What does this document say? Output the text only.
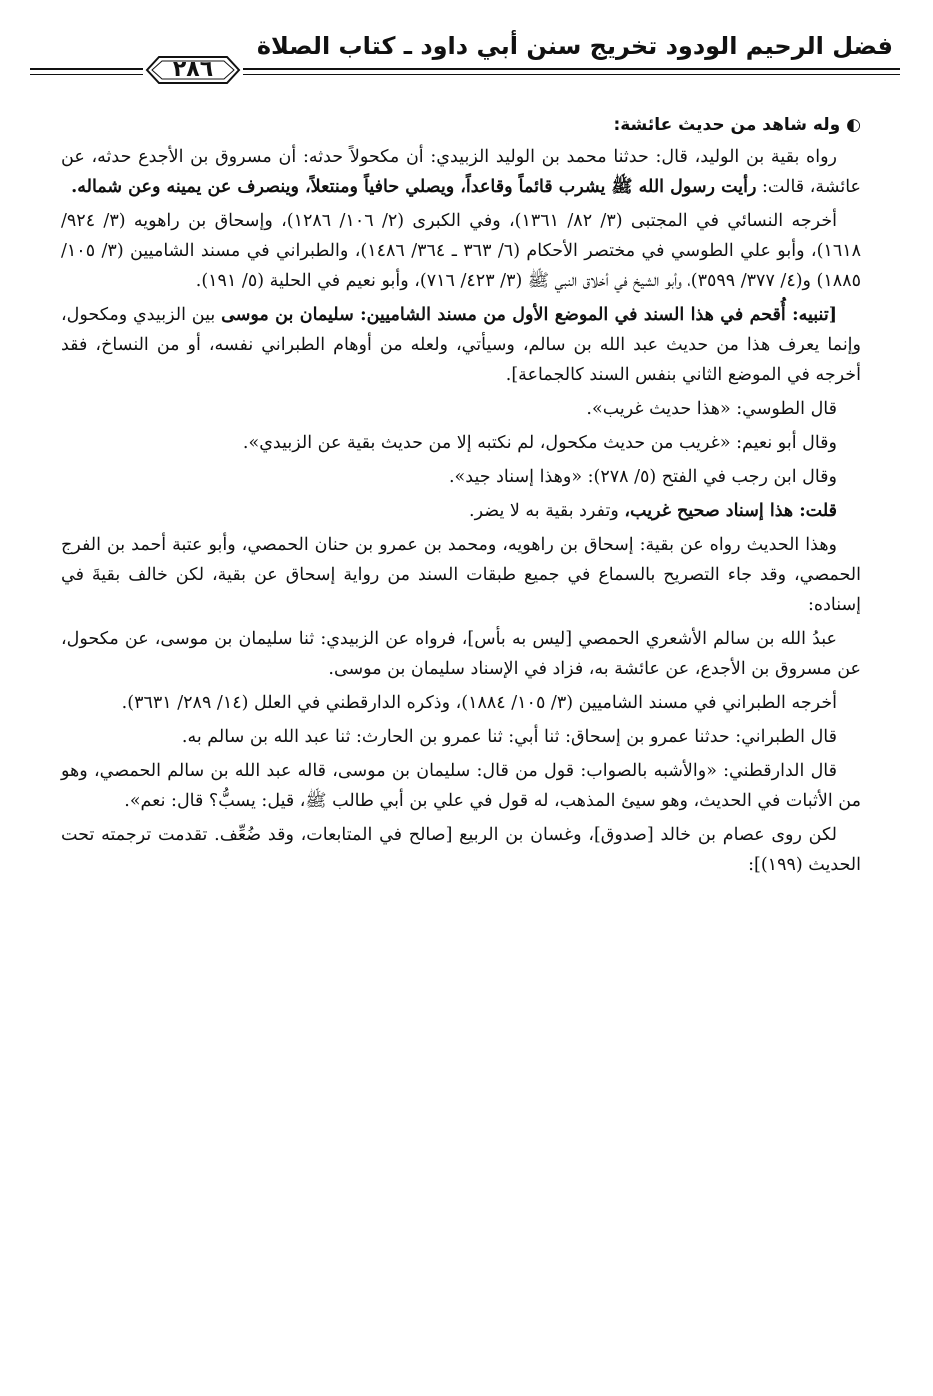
فضل الرحيم الودود تخريج سنن أبي داود ـ كتاب الصلاة
٢٨٦

◐وله شاهد من حديث عائشة:

رواه بقية بن الوليد، قال: حدثنا محمد بن الوليد الزبيدي: أن مكحولاً حدثه: أن مسروق بن الأجدع حدثه، عن عائشة، قالت: رأيت رسول الله ﷺ يشرب قائماً وقاعداً، ويصلي حافياً ومنتعلاً، وينصرف عن يمينه وعن شماله.

أخرجه النسائي في المجتبى (٣/ ٨٢/ ١٣٦١)، وفي الكبرى (٢/ ١٠٦/ ١٢٨٦)، وإسحاق بن راهويه (٣/ ٩٢٤/ ١٦١٨)، وأبو علي الطوسي في مختصر الأحكام (٦/ ٣٦٣ ـ ٣٦٤/ ١٤٨٦)، والطبراني في مسند الشاميين (٣/ ١٠٥/ ١٨٨٥) و(٤/ ٣٧٧/ ٣٥٩٩)، وأبو الشيخ في أخلاق النبي ﷺ (٣/ ٤٢٣/ ٧١٦)، وأبو نعيم في الحلية (٥/ ١٩١).

[تنبيه: أُقحم في هذا السند في الموضع الأول من مسند الشاميين: سليمان بن موسى بين الزبيدي ومكحول، وإنما يعرف هذا من حديث عبد الله بن سالم، وسيأتي، ولعله من أوهام الطبراني نفسه، أو من النساخ، فقد أخرجه في الموضع الثاني بنفس السند كالجماعة].

قال الطوسي: «هذا حديث غريب».

وقال أبو نعيم: «غريب من حديث مكحول، لم نكتبه إلا من حديث بقية عن الزبيدي».

وقال ابن رجب في الفتح (٥/ ٢٧٨): «وهذا إسناد جيد».

قلت: هذا إسناد صحيح غريب، وتفرد بقية به لا يضر.

وهذا الحديث رواه عن بقية: إسحاق بن راهويه، ومحمد بن عمرو بن حنان الحمصي، وأبو عتبة أحمد بن الفرج الحمصي، وقد جاء التصريح بالسماع في جميع طبقات السند من رواية إسحاق عن بقية، لكن خالف بقيةَ في إسناده:

عبدُ الله بن سالم الأشعري الحمصي [ليس به بأس]، فرواه عن الزبيدي: ثنا سليمان بن موسى، عن مكحول، عن مسروق بن الأجدع، عن عائشة به، فزاد في الإسناد سليمان بن موسى.

أخرجه الطبراني في مسند الشاميين (٣/ ١٠٥/ ١٨٨٤)، وذكره الدارقطني في العلل (١٤/ ٢٨٩/ ٣٦٣١).

قال الطبراني: حدثنا عمرو بن إسحاق: ثنا أبي: ثنا عمرو بن الحارث: ثنا عبد الله بن سالم به.

قال الدارقطني: «والأشبه بالصواب: قول من قال: سليمان بن موسى، قاله عبد الله بن سالم الحمصي، وهو من الأثبات في الحديث، وهو سيئ المذهب، له قول في علي بن أبي طالب ﷺ، قيل: يسبُّ؟ قال: نعم».

لكن روى عصام بن خالد [صدوق]، وغسان بن الربيع [صالح في المتابعات، وقد ضُعِّف. تقدمت ترجمته تحت الحديث (١٩٩)]:
